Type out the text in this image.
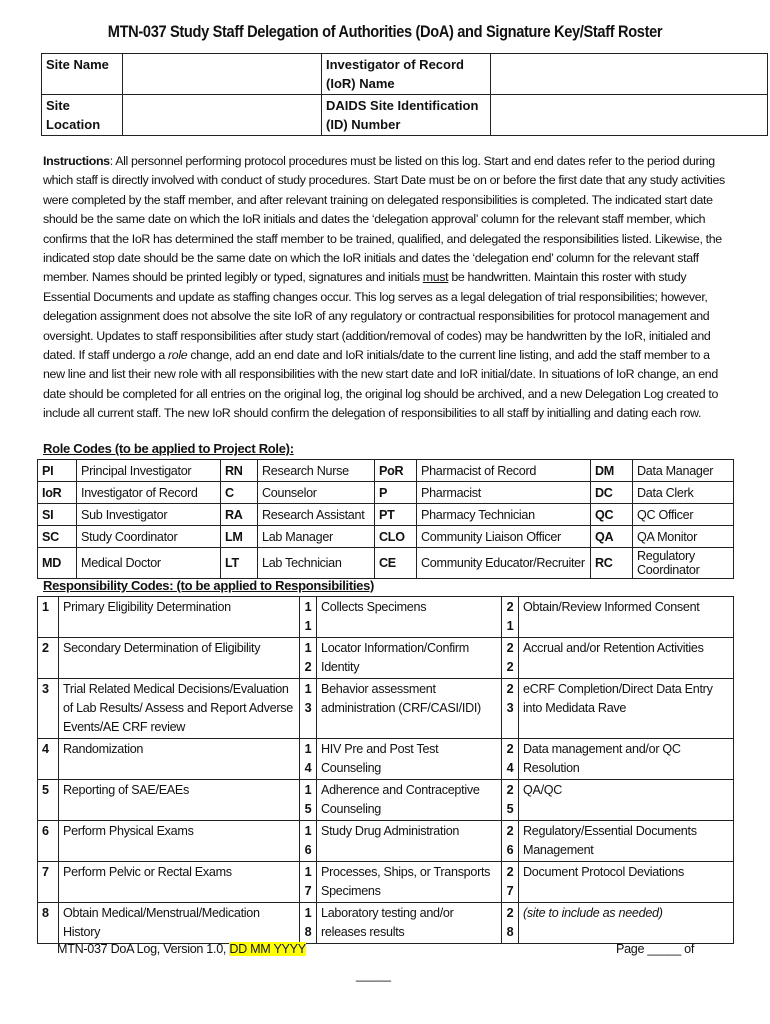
MTN-037 Study Staff Delegation of Authorities (DoA) and Signature Key/Staff Roster
Site Name		Investigator of Record (IoR) Name	
Site Location		DAIDS Site Identification (ID) Number	
Instructions: All personnel performing protocol procedures must be listed on this log. Start and end dates refer to the period during which staff is directly involved with conduct of study procedures. Start Date must be on or before the first date that any study activities were completed by the staff member, and after relevant training on delegated responsibilities is completed. The indicated start date should be the same date on which the IoR initials and dates the ‘delegation approval’ column for the relevant staff member, which confirms that the IoR has determined the staff member to be trained, qualified, and delegated the responsibilities listed. Likewise, the indicated stop date should be the same date on which the IoR initials and dates the ‘delegation end’ column for the relevant staff member. Names should be printed legibly or typed, signatures and initials must be handwritten. Maintain this roster with study Essential Documents and update as staffing changes occur. This log serves as a legal delegation of trial responsibilities; however, delegation assignment does not absolve the site IoR of any regulatory or contractual responsibilities for protocol management and oversight. Updates to staff responsibilities after study start (addition/removal of codes) may be handwritten by the IoR, initialed and dated. If staff undergo a role change, add an end date and IoR initials/date to the current line listing, and add the staff member to a new line and list their new role with all responsibilities with the new start date and IoR initial/date. In situations of IoR change, an end date should be completed for all entries on the original log, the original log should be archived, and a new Delegation Log created to include all current staff. The new IoR should confirm the delegation of responsibilities to all staff by initialling and dating each row.
Role Codes (to be applied to Project Role):
PI	Principal Investigator	RN	Research Nurse	PoR	Pharmacist of Record	DM	Data Manager
IoR	Investigator of Record	C	Counselor	P	Pharmacist	DC	Data Clerk
SI	Sub Investigator	RA	Research Assistant	PT	Pharmacy Technician	QC	QC Officer
SC	Study Coordinator	LM	Lab Manager	CLO	Community Liaison Officer	QA	QA Monitor
MD	Medical Doctor	LT	Lab Technician	CE	Community Educator/Recruiter	RC	Regulatory Coordinator
Responsibility Codes: (to be applied to Responsibilities)
1	Primary Eligibility Determination	11	Collects Specimens	21	Obtain/Review Informed Consent
2	Secondary Determination of Eligibility	12	Locator Information/Confirm Identity	22	Accrual and/or Retention Activities
3	Trial Related Medical Decisions/Evaluation of Lab Results/ Assess and Report Adverse Events/AE CRF review	13	Behavior assessment administration (CRF/CASI/IDI)	23	eCRF Completion/Direct Data Entry into Medidata Rave
4	Randomization	14	HIV Pre and Post Test Counseling	24	Data management and/or QC Resolution
5	Reporting of SAE/EAEs	15	Adherence and Contraceptive Counseling	25	QA/QC
6	Perform Physical Exams	16	Study Drug Administration	26	Regulatory/Essential Documents Management
7	Perform Pelvic or Rectal Exams	17	Processes, Ships, or Transports Specimens	27	Document Protocol Deviations
8	Obtain Medical/Menstrual/Medication History	18	Laboratory testing and/or releases results	28	(site to include as needed)
MTN-037 DoA Log, Version 1.0, DD MM YYYY	Page _____ of
_____
